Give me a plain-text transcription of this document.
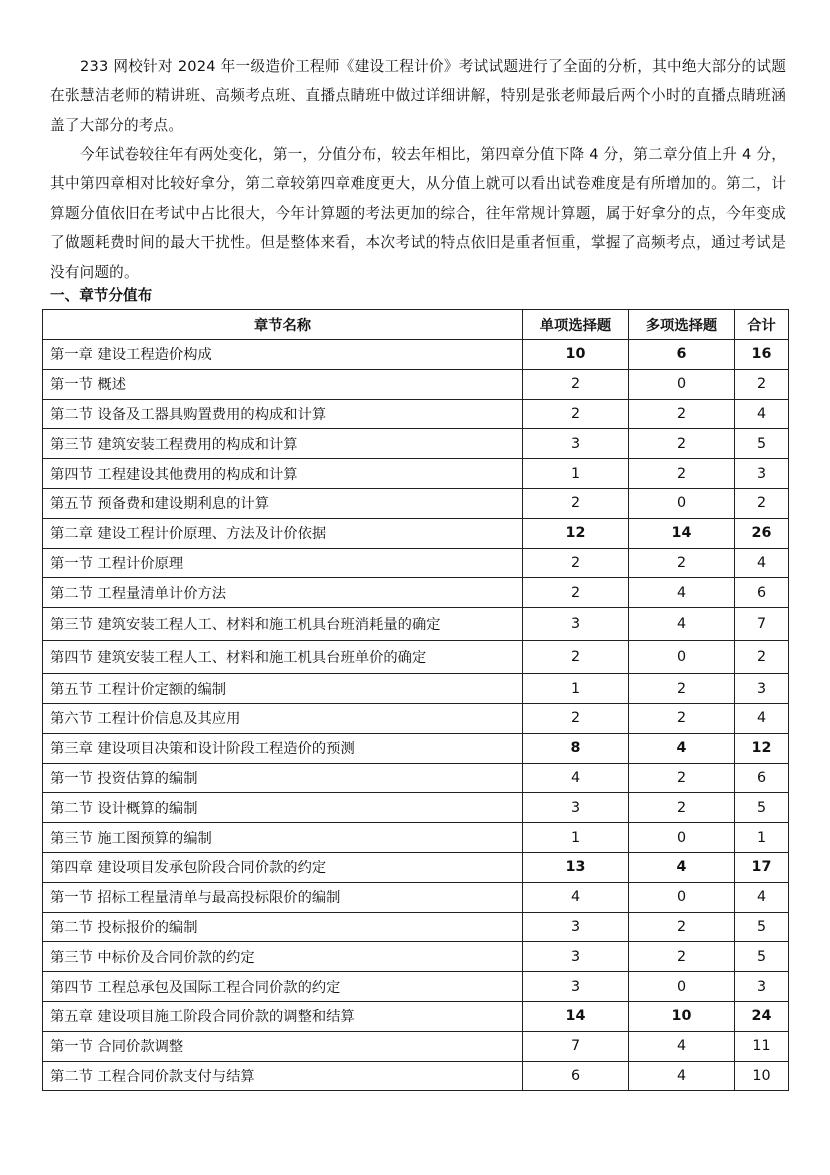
233 网校针对 2024 年一级造价工程师《建设工程计价》考试试题进行了全面的分析，其中绝大部分的试题在张慧洁老师的精讲班、高频考点班、直播点睛班中做过详细讲解，特别是张老师最后两个小时的直播点睛班涵盖了大部分的考点。

今年试卷较往年有两处变化，第一，分值分布，较去年相比，第四章分值下降 4 分，第二章分值上升 4 分，其中第四章相对比较好拿分，第二章较第四章难度更大，从分值上就可以看出试卷难度是有所增加的。第二，计算题分值依旧在考试中占比很大，今年计算题的考法更加的综合，往年常规计算题，属于好拿分的点，今年变成了做题耗费时间的最大干扰性。但是整体来看，本次考试的特点依旧是重者恒重，掌握了高频考点，通过考试是没有问题的。

一、章节分值布
章节名称	单项选择题	多项选择题	合计
第一章 建设工程造价构成	10	6	16
第一节 概述	2	0	2
第二节 设备及工器具购置费用的构成和计算	2	2	4
第三节 建筑安装工程费用的构成和计算	3	2	5
第四节 工程建设其他费用的构成和计算	1	2	3
第五节 预备费和建设期利息的计算	2	0	2
第二章 建设工程计价原理、方法及计价依据	12	14	26
第一节 工程计价原理	2	2	4
第二节 工程量清单计价方法	2	4	6
第三节 建筑安装工程人工、材料和施工机具台班消耗量的确定	3	4	7
第四节 建筑安装工程人工、材料和施工机具台班单价的确定	2	0	2
第五节 工程计价定额的编制	1	2	3
第六节 工程计价信息及其应用	2	2	4
第三章 建设项目决策和设计阶段工程造价的预测	8	4	12
第一节 投资估算的编制	4	2	6
第二节 设计概算的编制	3	2	5
第三节 施工图预算的编制	1	0	1
第四章 建设项目发承包阶段合同价款的约定	13	4	17
第一节 招标工程量清单与最高投标限价的编制	4	0	4
第二节 投标报价的编制	3	2	5
第三节 中标价及合同价款的约定	3	2	5
第四节 工程总承包及国际工程合同价款的约定	3	0	3
第五章 建设项目施工阶段合同价款的调整和结算	14	10	24
第一节 合同价款调整	7	4	11
第二节 工程合同价款支付与结算	6	4	10
